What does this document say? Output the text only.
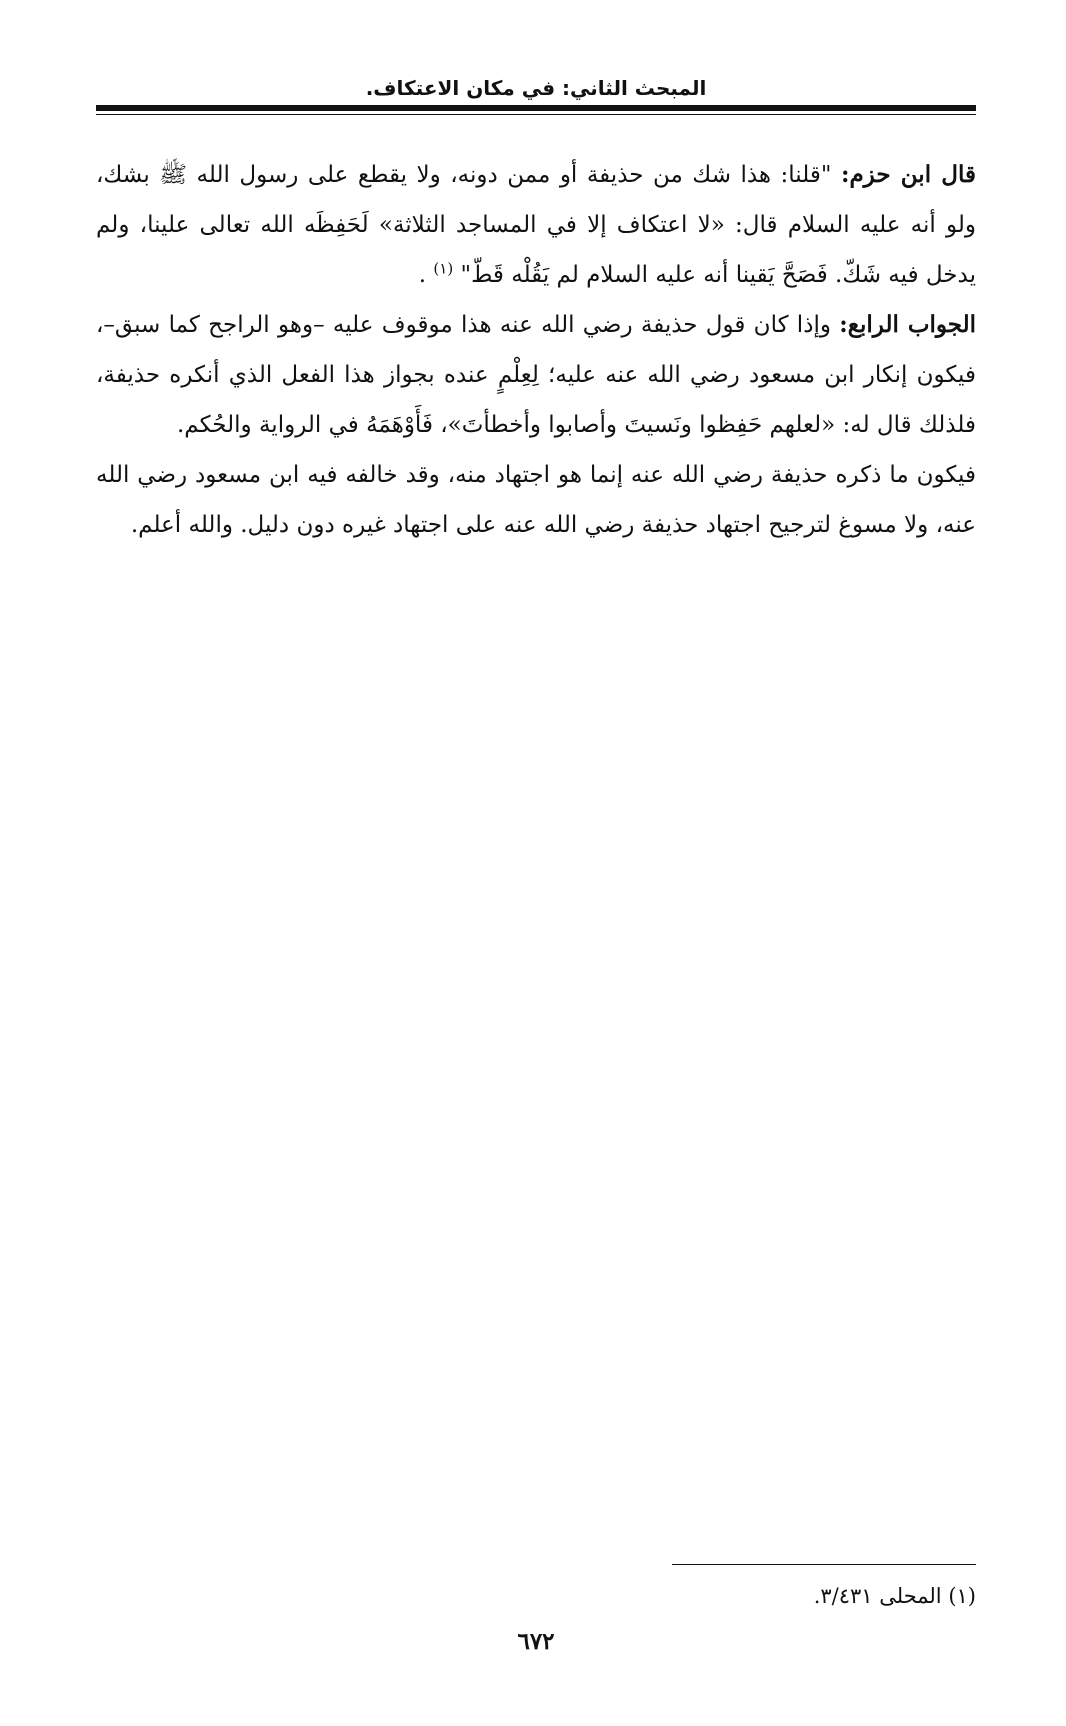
المبحث الثاني: في مكان الاعتكاف.

قال ابن حزم: "قلنا: هذا شك من حذيفة أو ممن دونه، ولا يقطع على رسول الله ﷺ بشك، ولو أنه عليه السلام قال: «لا اعتكاف إلا في المساجد الثلاثة» لَحَفِظَه الله تعالى علينا، ولم يدخل فيه شَكّ. فَصَحَّ يَقينا أنه عليه السلام لم يَقُلْه قَطّ" $^{(١)}$ .

الجواب الرابع: وإذا كان قول حذيفة رضي الله عنه هذا موقوف عليه –وهو الراجح كما سبق–، فيكون إنكار ابن مسعود رضي الله عنه عليه؛ لِعِلْمٍ عنده بجواز هذا الفعل الذي أنكره حذيفة، فلذلك قال له: «لعلهم حَفِظوا ونَسيتَ وأصابوا وأخطأتَ»، فَأَوْهَمَهُ في الرواية والحُكم.

فيكون ما ذكره حذيفة رضي الله عنه إنما هو اجتهاد منه، وقد خالفه فيه ابن مسعود رضي الله عنه، ولا مسوغ لترجيح اجتهاد حذيفة رضي الله عنه على اجتهاد غيره دون دليل. والله أعلم.

(١) المحلى ٣/٤٣١.
٦٧٢
